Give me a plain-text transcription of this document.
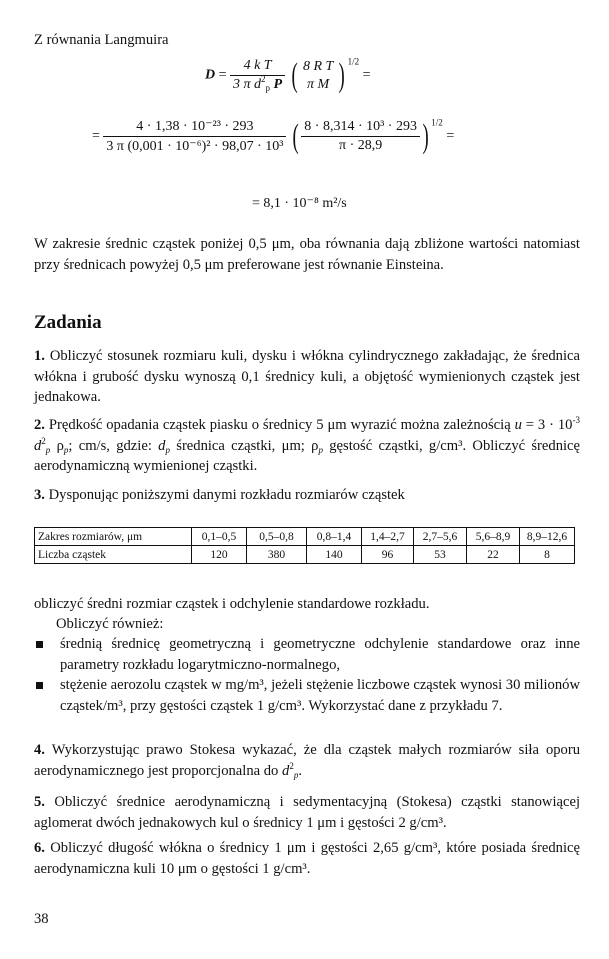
Z równania Langmuira
$D = \frac{\text{4 k T}}{3 \pi d^2_p P}$ ( 8 R T
π M ) $^{1/2}$ =
= $\frac{\text{4 · 1,38 · 10⁻²³ · 293}}{\text{3 π (0,001 · 10⁻⁶)² · 98,07 · 10³}}$ ( $\frac{\text{8 · 8,314 · 10³ · 293}}{\pi \cdot 28,9}$ ) $^{1/2}$ =
= 8,1 · 10⁻⁸ m²/s
W zakresie średnic cząstek poniżej 0,5 μm, oba równania dają zbliżone wartości natomiast przy średnicach powyżej 0,5 μm preferowane jest równanie Einsteina.
Zadania
1. Obliczyć stosunek rozmiaru kuli, dysku i włókna cylindrycznego zakładając, że średnica włókna i grubość dysku wynoszą 0,1 średnicy kuli, a objętość wymienionych cząstek jest jednakowa.
2. Prędkość opadania cząstek piasku o średnicy 5 μm wyrazić można zależnością $u = 3 \cdot 10^{-3}$ $d^2_p$ $\rho_p$; cm/s, gdzie: $d_p$ średnica cząstki, μm; $\rho_p$ gęstość cząstki, g/cm³. Obliczyć średnicę aerodynamiczną wymienionej cząstki.
3. Dysponując poniższymi danymi rozkładu rozmiarów cząstek
Zakres rozmiarów, μm	0,1–0,5	0,5–0,8	0,8–1,4	1,4–2,7	2,7–5,6	5,6–8,9	8,9–12,6
Liczba cząstek	120	380	140	96	53	22	8
obliczyć średni rozmiar cząstek i odchylenie standardowe rozkładu.
Obliczyć również:
średnią średnicę geometryczną i geometryczne odchylenie standardowe oraz inne parametry rozkładu logarytmiczno-normalnego,
stężenie aerozolu cząstek w mg/m³, jeżeli stężenie liczbowe cząstek wynosi 30 milionów cząstek/m³, przy gęstości cząstek 1 g/cm³. Wykorzystać dane z przykładu 7.
4. Wykorzystując prawo Stokesa wykazać, że dla cząstek małych rozmiarów siła oporu aerodynamicznego jest proporcjonalna do $d^2_p$.
5. Obliczyć średnice aerodynamiczną i sedymentacyjną (Stokesa) cząstki stanowiącej aglomerat dwóch jednakowych kul o średnicy 1 μm i gęstości 2 g/cm³.
6. Obliczyć długość włókna o średnicy 1 μm i gęstości 2,65 g/cm³, które posiada średnicę aerodynamiczna kuli 10 μm o gęstości 1 g/cm³.
38
